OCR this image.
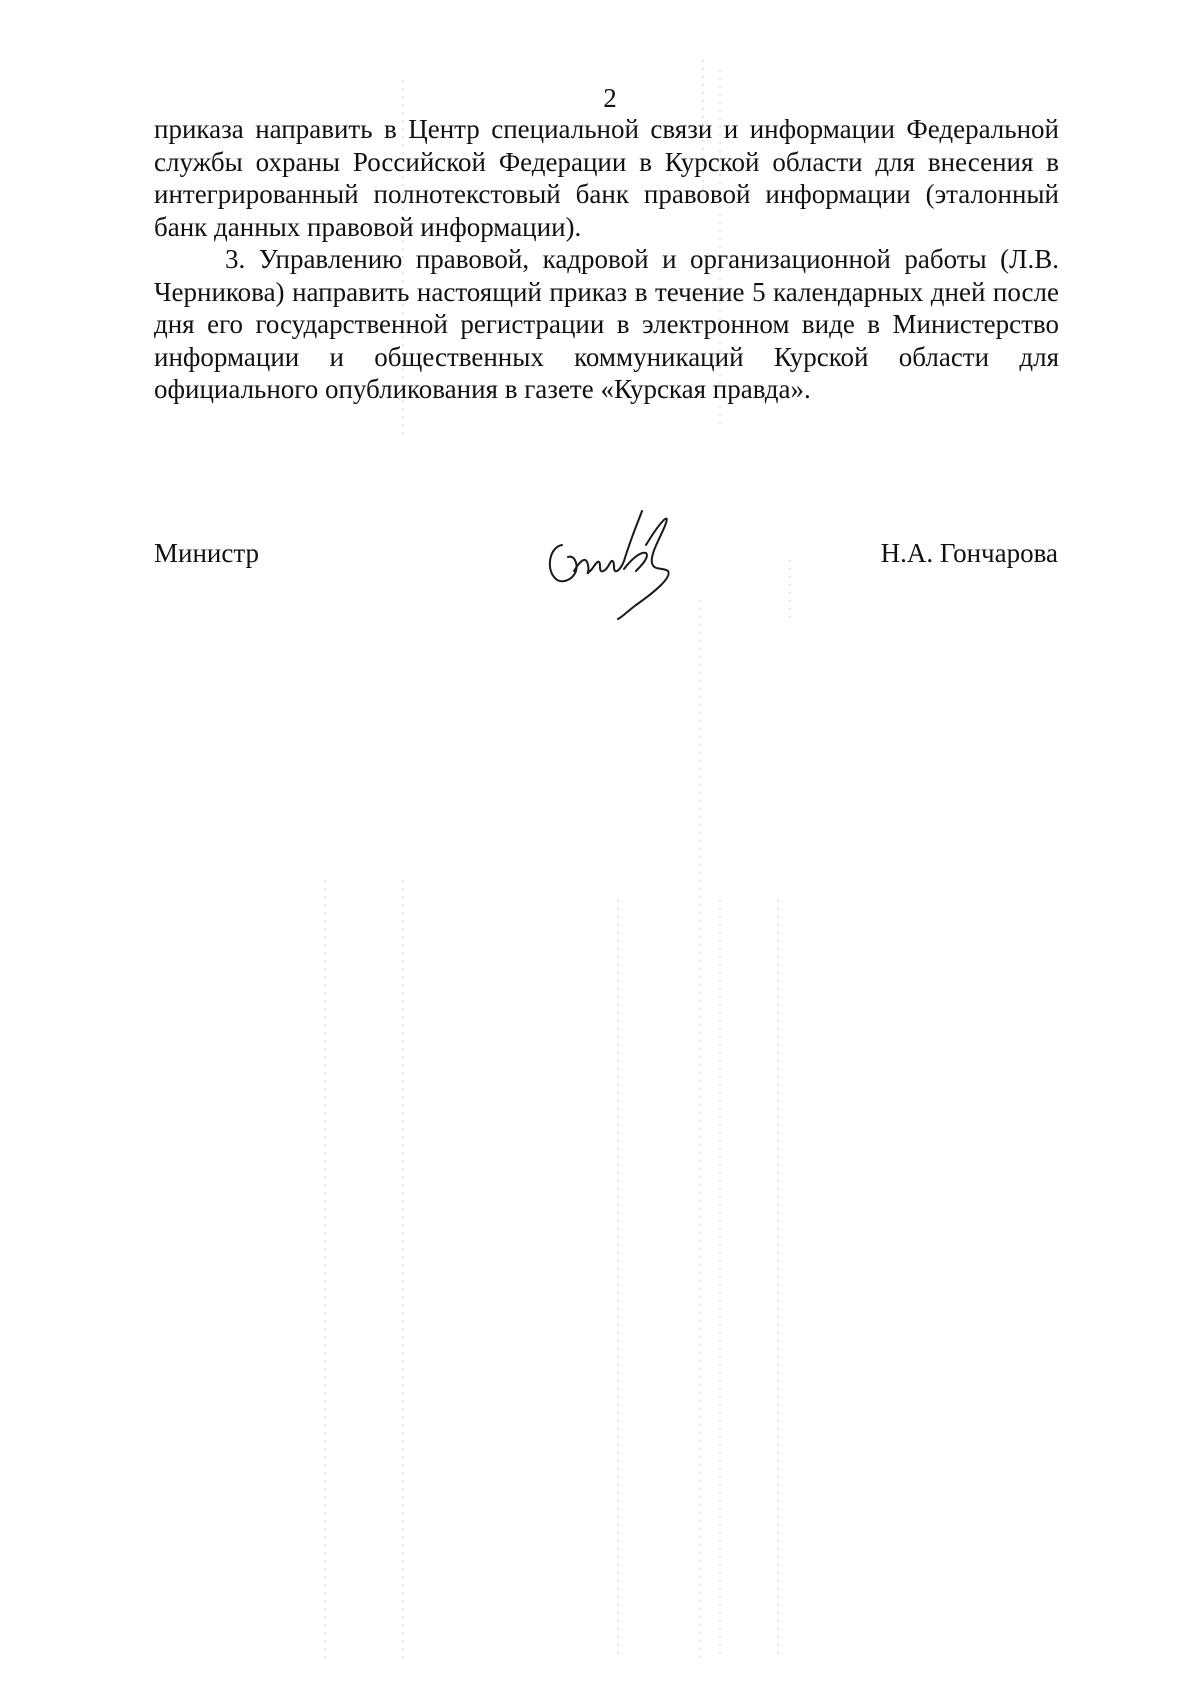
2

приказа направить в Центр специальной связи и информации Федеральной службы охраны Российской Федерации в Курской области для внесения в интегрированный полнотекстовый банк правовой информации (эталонный банк данных правовой информации).

3. Управлению правовой, кадровой и организационной работы (Л.В. Черникова) направить настоящий приказ в течение 5 календарных дней после дня его государственной регистрации в электронном виде в Министерство информации и общественных коммуникаций Курской области для официального опубликования в газете «Курская правда».

Министр	Н.А. Гончарова
